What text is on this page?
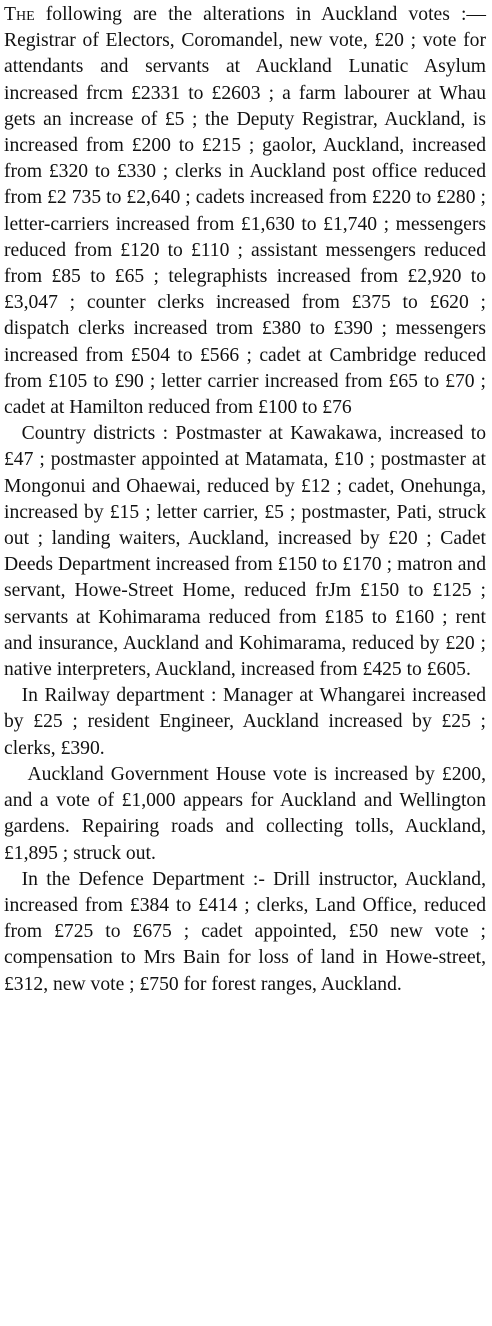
The following are the alterations in Auckland votes :—Registrar of Electors, Coromandel, new vote, £20 ; vote for attendants and servants at Auckland Lunatic Asylum increased frcm £2331 to £2603 ; a farm labourer at Whau gets an increase of £5 ; the Deputy Registrar, Auckland, is increased from £200 to £215 ; gaolor, Auckland, increased from £320 to £330 ; clerks in Auckland post office reduced from £2 735 to £2,640 ; cadets increased from £220 to £280 ; letter-carriers increased from £1,630 to £1,740 ; messengers reduced from £120 to £110 ; assistant messengers reduced from £85 to £65 ; telegraphists increased from £2,920 to £3,047 ; counter clerks increased from £375 to £620 ; dispatch clerks increased trom £380 to £390 ; messengers increased from £504 to £566 ; cadet at Cambridge reduced from £105 to £90 ; letter carrier increased from £65 to £70 ; cadet at Hamilton reduced from £100 to £76

Country districts : Postmaster at Kawakawa, increased to £47 ; postmaster appointed at Matamata, £10 ; postmaster at Mongonui and Ohaewai, reduced by £12 ; cadet, Onehunga, increased by £15 ; letter carrier, £5 ; postmaster, Pati, struck out ; landing waiters, Auckland, increased by £20 ; Cadet Deeds Department increased from £150 to £170 ; matron and servant, Howe-Street Home, reduced frJm £150 to £125 ; servants at Kohimarama reduced from £185 to £160 ; rent and insurance, Auckland and Kohimarama, reduced by £20 ; native interpreters, Auckland, increased from £425 to £605.

In Railway department : Manager at Whangarei increased by £25 ; resident Engineer, Auckland increased by £25 ; clerks, £390.

Auckland Government House vote is increased by £200, and a vote of £1,000 appears for Auckland and Wellington gardens. Repairing roads and collecting tolls, Auckland, £1,895 ; struck out.

In the Defence Department :- Drill instructor, Auckland, increased from £384 to £414 ; clerks, Land Office, reduced from £725 to £675 ; cadet appointed, £50 new vote ; compensation to Mrs Bain for loss of land in Howe-street, £312, new vote ; £750 for forest ranges, Auckland.
